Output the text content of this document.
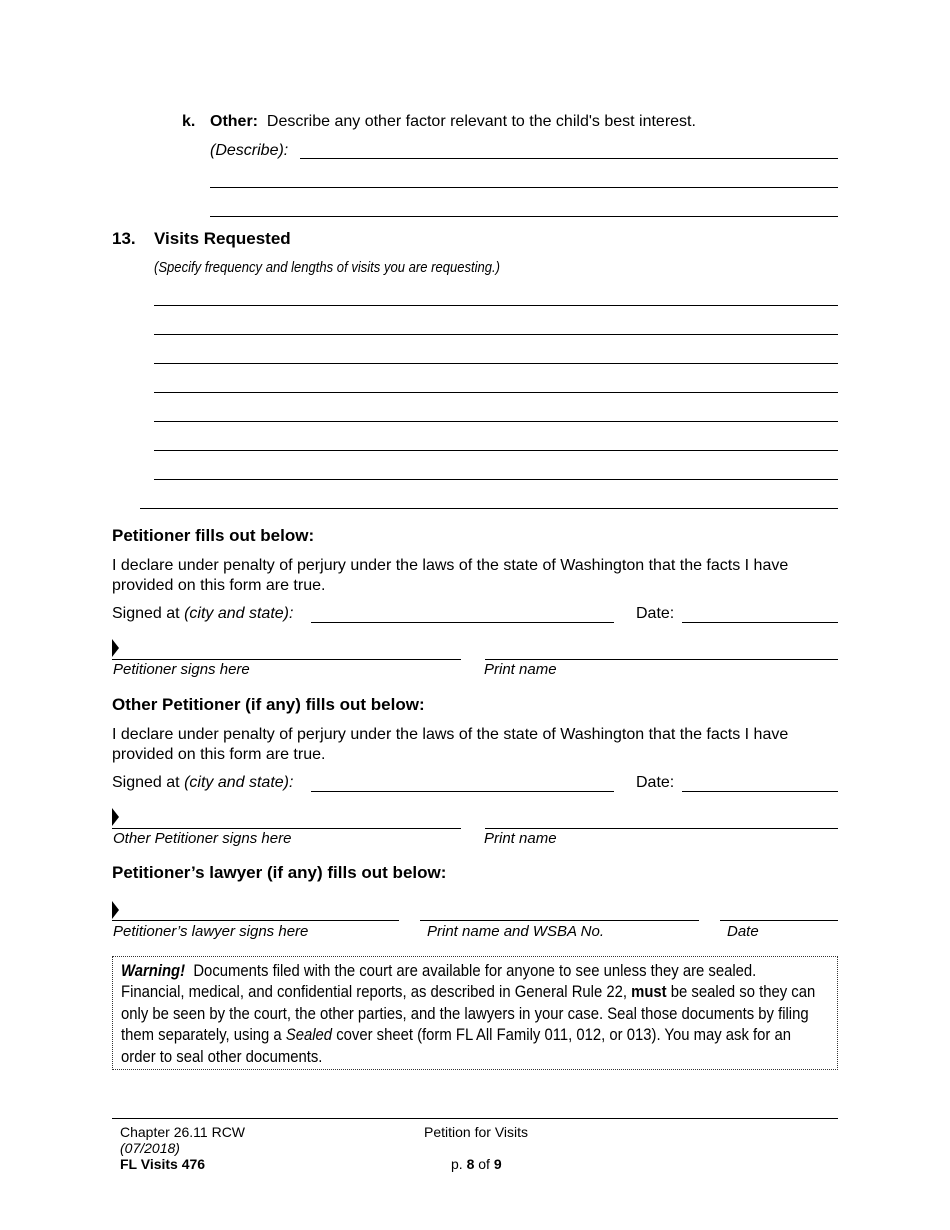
k. Other: Describe any other factor relevant to the child's best interest.
(Describe):
13. Visits Requested
(Specify frequency and lengths of visits you are requesting.)
Petitioner fills out below:
I declare under penalty of perjury under the laws of the state of Washington that the facts I have provided on this form are true.
Signed at (city and state):	Date:
Petitioner signs here	Print name
Other Petitioner (if any) fills out below:
I declare under penalty of perjury under the laws of the state of Washington that the facts I have provided on this form are true.
Signed at (city and state):	Date:
Other Petitioner signs here	Print name
Petitioner’s lawyer (if any) fills out below:
Petitioner’s lawyer signs here	Print name and WSBA No.	Date
Warning! Documents filed with the court are available for anyone to see unless they are sealed. Financial, medical, and confidential reports, as described in General Rule 22, must be sealed so they can only be seen by the court, the other parties, and the lawyers in your case. Seal those documents by filing them separately, using a Sealed cover sheet (form FL All Family 011, 012, or 013). You may ask for an order to seal other documents.
Chapter 26.11 RCW
(07/2018)
FL Visits 476
Petition for Visits
p. 8 of 9
